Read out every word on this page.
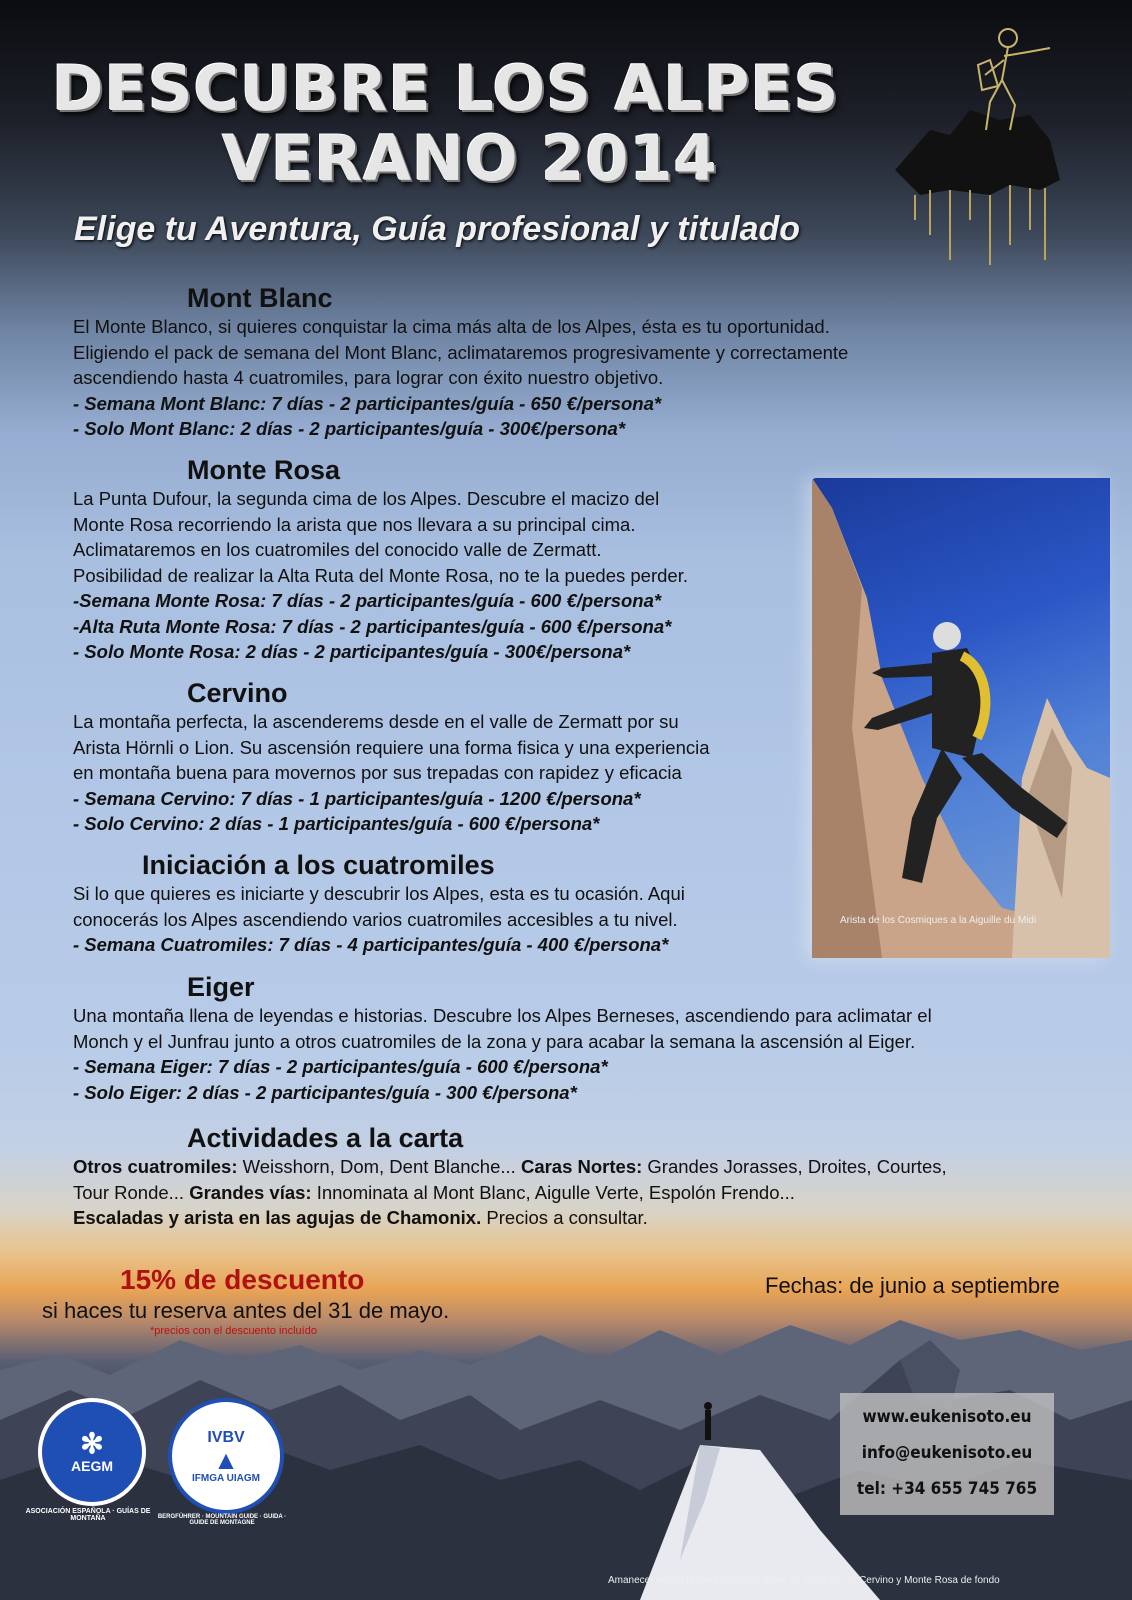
DESCUBRE LOS ALPES
VERANO 2014
Elige tu Aventura, Guía profesional y titulado
Arista de los Cosmiques a la Aiguille du Midi
Mont Blanc
El Monte Blanco, si quieres conquistar la cima más alta de los Alpes, ésta es tu oportunidad.
Eligiendo el pack de semana del Mont Blanc, aclimataremos progresivamente y correctamente
ascendiendo hasta 4 cuatromiles, para lograr con éxito nuestro objetivo.
- Semana Mont Blanc: 7 días - 2 participantes/guía - 650 €/persona*
- Solo Mont Blanc: 2 días - 2 participantes/guía - 300€/persona*
Monte Rosa
La Punta Dufour, la segunda cima de los Alpes. Descubre el macizo del
Monte Rosa recorriendo la arista que nos llevara a su principal cima.
Aclimataremos en los cuatromiles del conocido valle de Zermatt.
Posibilidad de realizar la Alta Ruta del Monte Rosa, no te la puedes perder.
-Semana Monte Rosa: 7 días - 2 participantes/guía - 600 €/persona*
-Alta Ruta Monte Rosa: 7 días - 2 participantes/guía - 600 €/persona*
- Solo Monte Rosa: 2 días - 2 participantes/guía - 300€/persona*
Cervino
La montaña perfecta, la ascenderems desde en el valle de Zermatt por su
Arista Hörnli o Lion. Su ascensión requiere una forma fisica y una experiencia
en montaña buena para movernos por sus trepadas con rapidez y eficacia
- Semana Cervino: 7 días - 1 participantes/guía - 1200 €/persona*
- Solo Cervino: 2 días - 1 participantes/guía - 600 €/persona*
Iniciación a los cuatromiles
Si lo que quieres es iniciarte y descubrir los Alpes, esta es tu ocasión. Aqui
conocerás los Alpes ascendiendo varios cuatromiles accesibles a tu nivel.
- Semana Cuatromiles: 7 días - 4 participantes/guía - 400 €/persona*
Eiger
Una montaña llena de leyendas e historias. Descubre los Alpes Berneses, ascendiendo para aclimatar el
Monch y el Junfrau junto a otros cuatromiles de la zona y para acabar la semana la ascensión al Eiger.
- Semana Eiger: 7 días - 2 participantes/guía - 600 €/persona*
- Solo Eiger: 2 días - 2 participantes/guía - 300 €/persona*
Actividades a la carta
Otros cuatromiles: Weisshorn, Dom, Dent Blanche... Caras Nortes: Grandes Jorasses, Droites, Courtes,
Tour Ronde... Grandes vías: Innominata al Mont Blanc, Aigulle Verte, Espolón Frendo...
Escaladas y arista en las agujas de Chamonix. Precios a consultar.
15% de descuento
si haces tu reserva antes del 31 de mayo.
*precios con el descuento incluído
Fechas: de junio a septiembre
✻
AEGM
ASOCIACIÓN ESPAÑOLA · GUÍAS DE MONTAÑA
IVBV
▲
IFMGA UIAGM
BERGFÜHRER · MOUNTAIN GUIDE · GUIDA · GUIDE DE MONTAGNE
www.eukenisoto.eu
info@eukenisoto.eu
tel: +34 655 745 765
Amanecer desde la cima del Mont Blanc de Tacul con el Cervino y Monte Rosa de fondo
